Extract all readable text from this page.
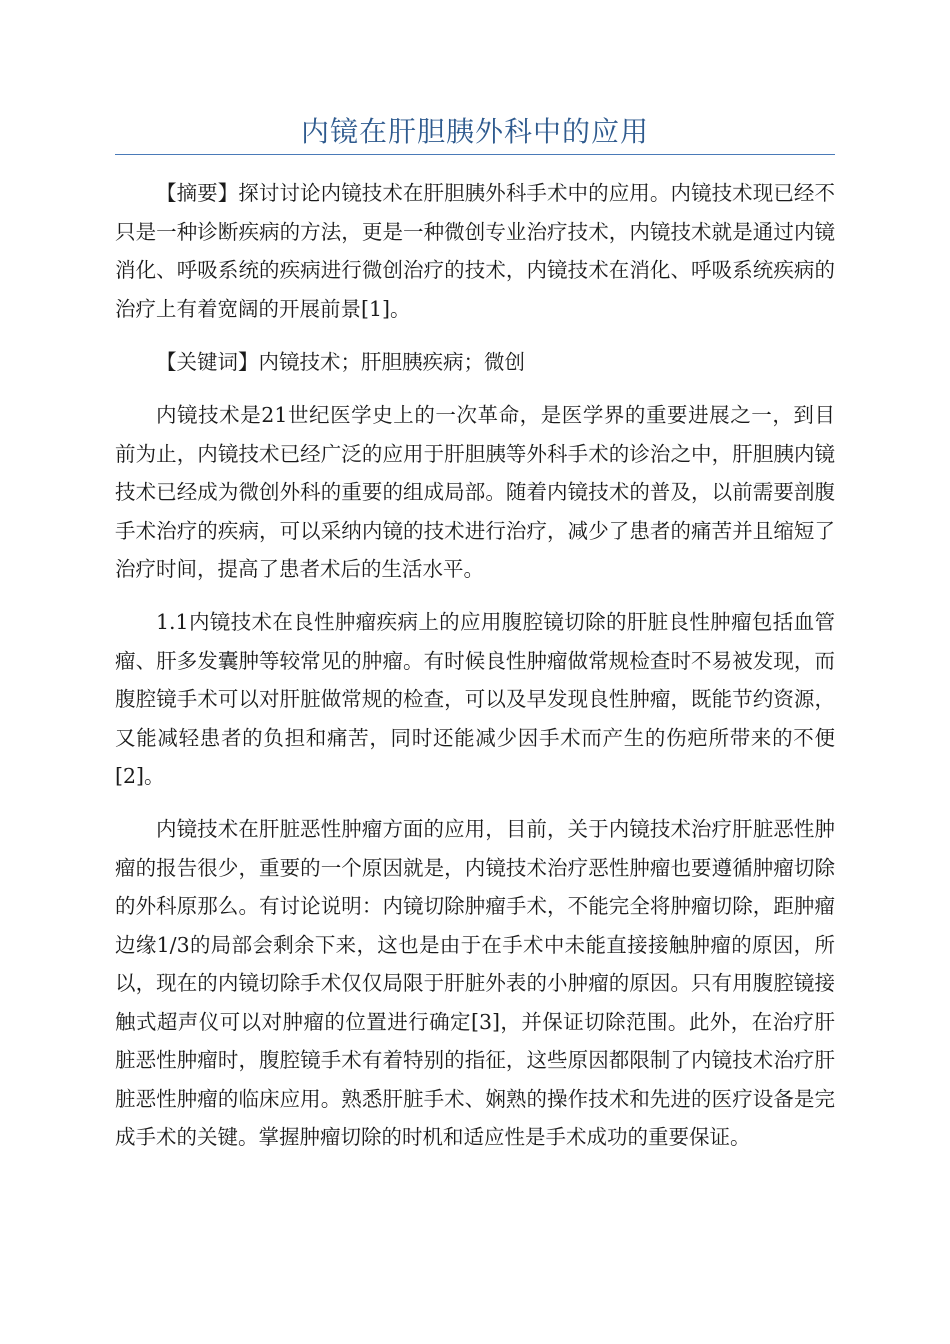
内镜在肝胆胰外科中的应用

【摘要】探讨讨论内镜技术在肝胆胰外科手术中的应用。内镜技术现已经不只是一种诊断疾病的方法，更是一种微创专业治疗技术，内镜技术就是通过内镜消化、呼吸系统的疾病进行微创治疗的技术，内镜技术在消化、呼吸系统疾病的治疗上有着宽阔的开展前景[1]。

【关键词】内镜技术；肝胆胰疾病；微创

内镜技术是21世纪医学史上的一次革命，是医学界的重要进展之一，到目前为止，内镜技术已经广泛的应用于肝胆胰等外科手术的诊治之中，肝胆胰内镜技术已经成为微创外科的重要的组成局部。随着内镜技术的普及，以前需要剖腹手术治疗的疾病，可以采纳内镜的技术进行治疗，减少了患者的痛苦并且缩短了治疗时间，提高了患者术后的生活水平。

1.1内镜技术在良性肿瘤疾病上的应用腹腔镜切除的肝脏良性肿瘤包括血管瘤、肝多发囊肿等较常见的肿瘤。有时候良性肿瘤做常规检查时不易被发现，而腹腔镜手术可以对肝脏做常规的检查，可以及早发现良性肿瘤，既能节约资源，又能减轻患者的负担和痛苦，同时还能减少因手术而产生的伤疤所带来的不便[2]。

内镜技术在肝脏恶性肿瘤方面的应用，目前，关于内镜技术治疗肝脏恶性肿瘤的报告很少，重要的一个原因就是，内镜技术治疗恶性肿瘤也要遵循肿瘤切除的外科原那么。有讨论说明：内镜切除肿瘤手术，不能完全将肿瘤切除，距肿瘤边缘1/3的局部会剩余下来，这也是由于在手术中未能直接接触肿瘤的原因，所以，现在的内镜切除手术仅仅局限于肝脏外表的小肿瘤的原因。只有用腹腔镜接触式超声仪可以对肿瘤的位置进行确定[3]，并保证切除范围。此外，在治疗肝脏恶性肿瘤时，腹腔镜手术有着特别的指征，这些原因都限制了内镜技术治疗肝脏恶性肿瘤的临床应用。熟悉肝脏手术、娴熟的操作技术和先进的医疗设备是完成手术的关键。掌握肿瘤切除的时机和适应性是手术成功的重要保证。
